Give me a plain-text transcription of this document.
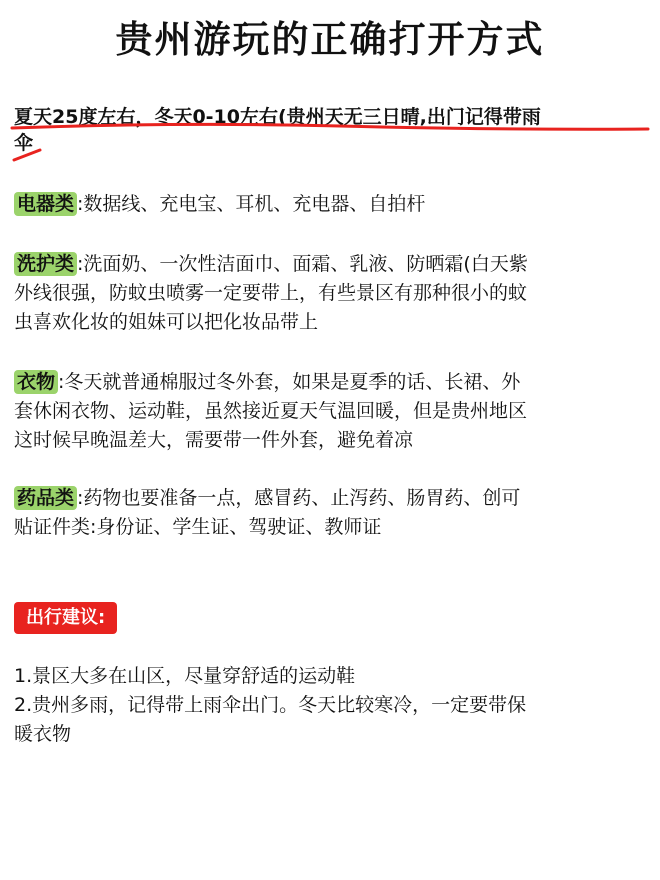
贵州游玩的正确打开方式
夏天25度左右，冬天0-10左右(贵州天无三日晴,出门记得带雨
伞

电器类 :数据线、充电宝、耳机、充电器、自拍杆

洗护类 :洗面奶、一次性洁面巾、面霜、乳液、防晒霜(白天紫
外线很强，防蚊虫喷雾一定要带上，有些景区有那种很小的蚊
虫喜欢化妆的姐妹可以把化妆品带上

衣物 :冬天就普通棉服过冬外套，如果是夏季的话、长裙、外
套休闲衣物、运动鞋，虽然接近夏天气温回暖，但是贵州地区
这时候早晚温差大，需要带一件外套，避免着凉

药品类 :药物也要准备一点，感冒药、止泻药、肠胃药、创可
贴证件类:身份证、学生证、驾驶证、教师证

出行建议:

1.景区大多在山区，尽量穿舒适的运动鞋
2.贵州多雨，记得带上雨伞出门。冬天比较寒冷，一定要带保
暖衣物
